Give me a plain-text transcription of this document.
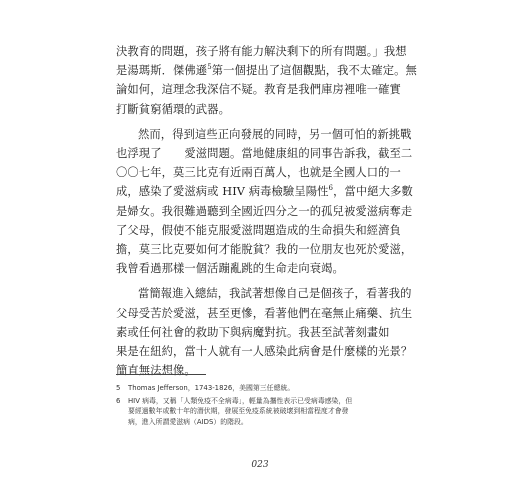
決教育的問題，孩子將有能力解決剩下的所有問題。」我想
是湯瑪斯．傑佛遜$^5$第一個提出了這個觀點，我不太確定。無
論如何，這理念我深信不疑。教育是我們庫房裡唯一確實
打斷貧窮循環的武器。

然而，得到這些正向發展的同時，另一個可怕的新挑戰
也浮現了　　愛滋問題。當地健康組的同事告訴我，截至二
〇〇七年，莫三比克有近兩百萬人，也就是全國人口的一
成，感染了愛滋病或 HIV 病毒檢驗呈陽性$^6$，當中絕大多數
是婦女。我很難過聽到全國近四分之一的孤兒被愛滋病奪走
了父母，假使不能克服愛滋問題造成的生命損失和經濟負
擔，莫三比克要如何才能脫貧？我的一位朋友也死於愛滋，
我曾看過那樣一個活蹦亂跳的生命走向衰竭。

當簡報進入總結，我試著想像自己是個孩子，看著我的
父母受苦於愛滋，甚至更慘，看著他們在毫無止痛藥、抗生
素或任何社會的救助下與病魔對抗。我甚至試著刻畫如
果是在紐約，當十人就有一人感染此病會是什麼樣的光景？
簡直無法想像。

5	Thomas Jefferson，1743-1826，美國第三任總統。
6	HIV 病毒，又稱「人類免疫不全病毒」，輕量為攜性表示已受病毒感染，但
要經過數年或數十年的潛伏期，發展至免疫系統被破壞到相當程度才會發
病，進入所謂愛滋病（AIDS）的階段。
023
